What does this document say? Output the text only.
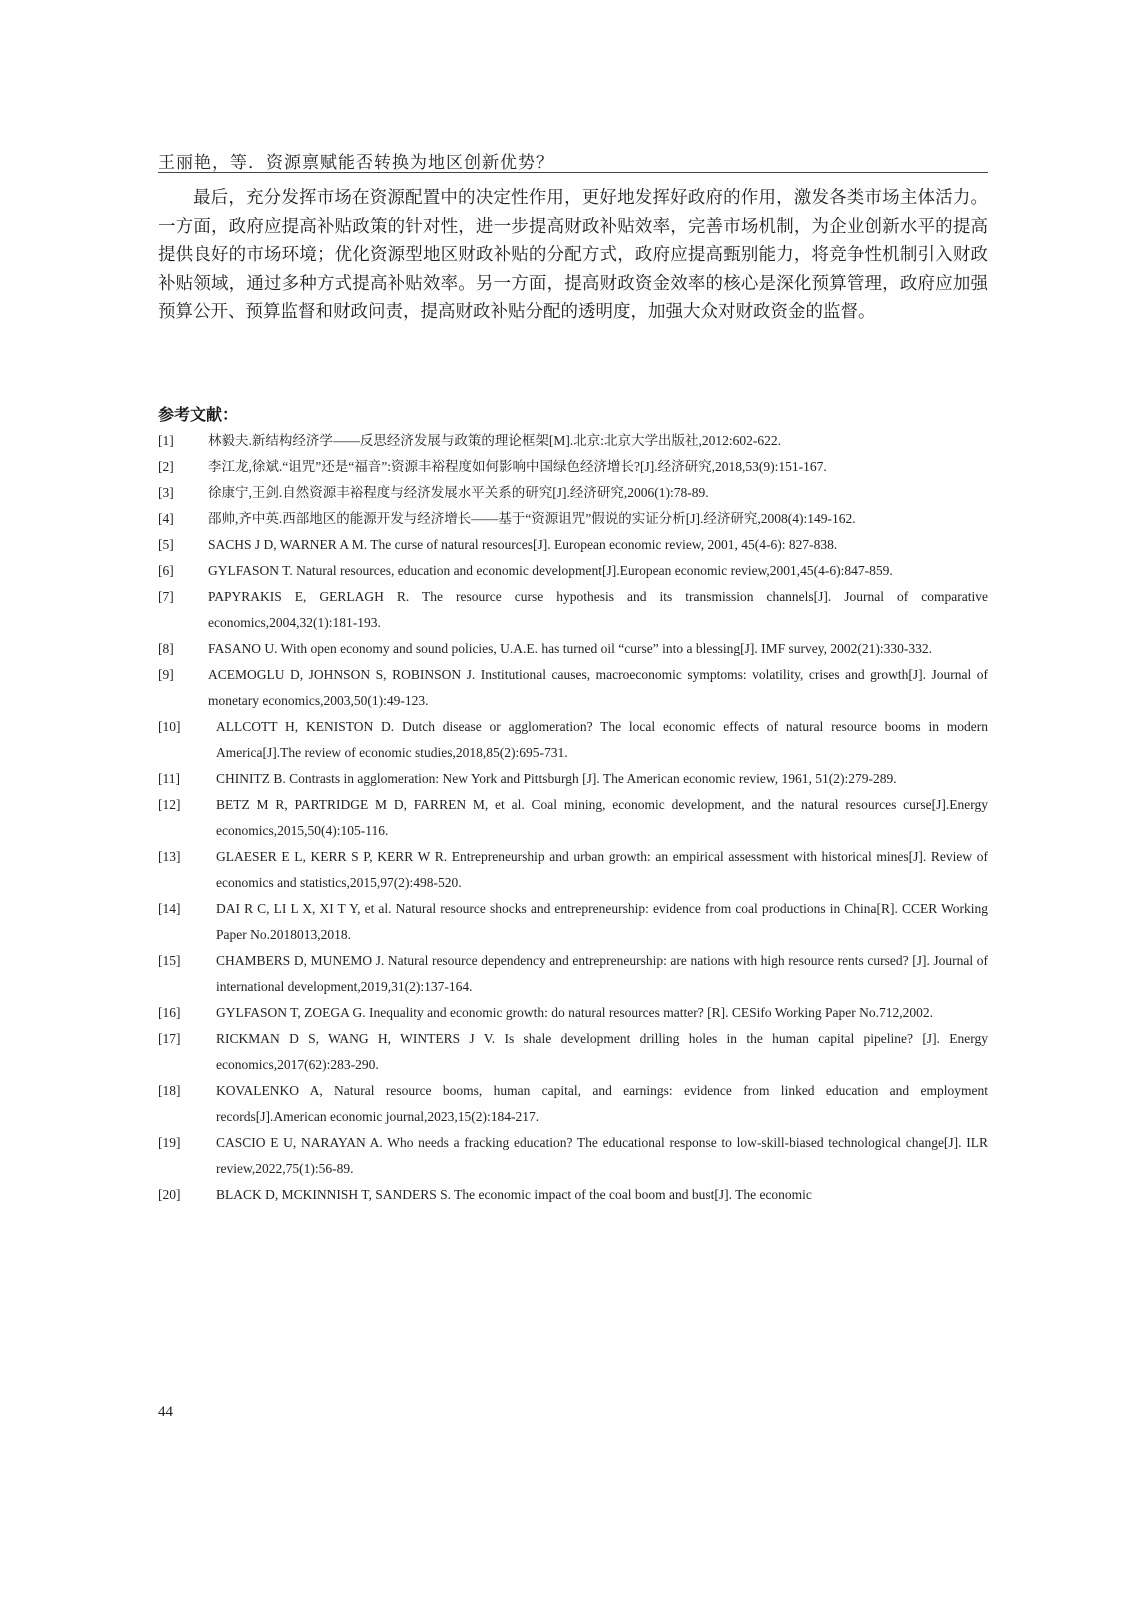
王丽艳，等．资源禀赋能否转换为地区创新优势？
最后，充分发挥市场在资源配置中的决定性作用，更好地发挥好政府的作用，激发各类市场主体活力。一方面，政府应提高补贴政策的针对性，进一步提高财政补贴效率，完善市场机制，为企业创新水平的提高提供良好的市场环境；优化资源型地区财政补贴的分配方式，政府应提高甄别能力，将竞争性机制引入财政补贴领域，通过多种方式提高补贴效率。另一方面，提高财政资金效率的核心是深化预算管理，政府应加强预算公开、预算监督和财政问责，提高财政补贴分配的透明度，加强大众对财政资金的监督。
参考文献：
[1]	林毅夫.新结构经济学——反思经济发展与政策的理论框架[M].北京:北京大学出版社,2012:602-622.
[2]	李江龙,徐斌.“诅咒”还是“福音”:资源丰裕程度如何影响中国绿色经济增长?[J].经济研究,2018,53(9):151-167.
[3]	徐康宁,王剑.自然资源丰裕程度与经济发展水平关系的研究[J].经济研究,2006(1):78-89.
[4]	邵帅,齐中英.西部地区的能源开发与经济增长——基于“资源诅咒”假说的实证分析[J].经济研究,2008(4):149-162.
[5]	SACHS J D, WARNER A M. The curse of natural resources[J]. European economic review, 2001, 45(4-6): 827-838.
[6]	GYLFASON T. Natural resources, education and economic development[J].European economic review,2001,45(4-6):847-859.
[7]	PAPYRAKIS E, GERLAGH R. The resource curse hypothesis and its transmission channels[J]. Journal of comparative economics,2004,32(1):181-193.
[8]	FASANO U. With open economy and sound policies, U.A.E. has turned oil “curse” into a blessing[J]. IMF survey, 2002(21):330-332.
[9]	ACEMOGLU D, JOHNSON S, ROBINSON J. Institutional causes, macroeconomic symptoms: volatility, crises and growth[J]. Journal of monetary economics,2003,50(1):49-123.
[10]	ALLCOTT H, KENISTON D. Dutch disease or agglomeration? The local economic effects of natural resource booms in modern America[J].The review of economic studies,2018,85(2):695-731.
[11]	CHINITZ B. Contrasts in agglomeration: New York and Pittsburgh [J]. The American economic review, 1961, 51(2):279-289.
[12]	BETZ M R, PARTRIDGE M D, FARREN M, et al. Coal mining, economic development, and the natural resources curse[J].Energy economics,2015,50(4):105-116.
[13]	GLAESER E L, KERR S P, KERR W R. Entrepreneurship and urban growth: an empirical assessment with historical mines[J]. Review of economics and statistics,2015,97(2):498-520.
[14]	DAI R C, LI L X, XI T Y, et al. Natural resource shocks and entrepreneurship: evidence from coal productions in China[R]. CCER Working Paper No.2018013,2018.
[15]	CHAMBERS D, MUNEMO J. Natural resource dependency and entrepreneurship: are nations with high resource rents cursed? [J]. Journal of international development,2019,31(2):137-164.
[16]	GYLFASON T, ZOEGA G. Inequality and economic growth: do natural resources matter? [R]. CESifo Working Paper No.712,2002.
[17]	RICKMAN D S, WANG H, WINTERS J V. Is shale development drilling holes in the human capital pipeline? [J]. Energy economics,2017(62):283-290.
[18]	KOVALENKO A, Natural resource booms, human capital, and earnings: evidence from linked education and employment records[J].American economic journal,2023,15(2):184-217.
[19]	CASCIO E U, NARAYAN A. Who needs a fracking education? The educational response to low-skill-biased technological change[J]. ILR review,2022,75(1):56-89.
[20]	BLACK D, MCKINNISH T, SANDERS S. The economic impact of the coal boom and bust[J]. The economic
44
